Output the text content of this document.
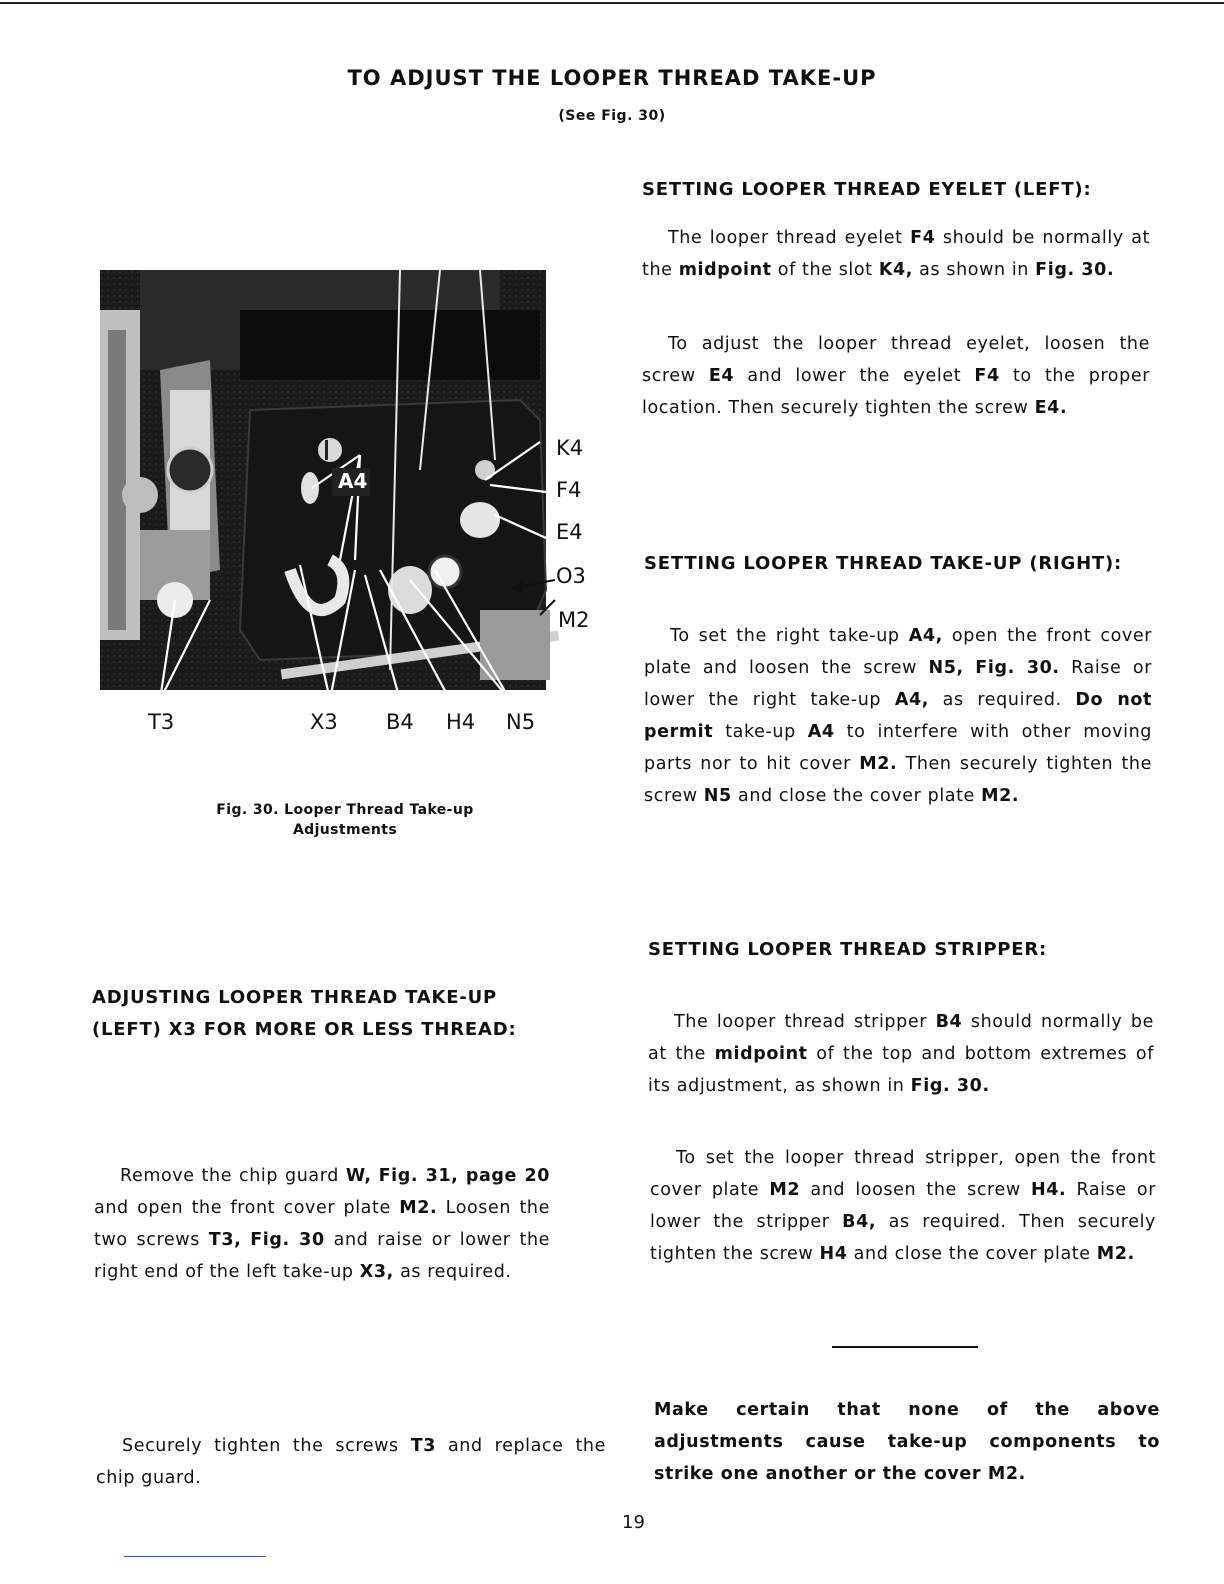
TO ADJUST THE LOOPER THREAD TAKE-UP
(See Fig. 30)
A4
K4
F4
E4
O3
M2
T3	X3 B4 H4 N5
Fig. 30. Looper Thread Take-up
Adjustments
SETTING LOOPER THREAD EYELET (LEFT):
The looper thread eyelet F4 should be normally at the midpoint of the slot K4, as shown in Fig. 30.
To adjust the looper thread eyelet, loosen the screw E4 and lower the eyelet F4 to the proper location. Then securely tighten the screw E4.
SETTING LOOPER THREAD TAKE-UP (RIGHT):
To set the right take-up A4, open the front cover plate and loosen the screw N5, Fig. 30. Raise or lower the right take-up A4, as required. Do not permit take-up A4 to interfere with other moving parts nor to hit cover M2. Then securely tighten the screw N5 and close the cover plate M2.
SETTING LOOPER THREAD STRIPPER:
The looper thread stripper B4 should normally be at the midpoint of the top and bottom extremes of its adjustment, as shown in Fig. 30.
To set the looper thread stripper, open the front cover plate M2 and loosen the screw H4. Raise or lower the stripper B4, as required. Then securely tighten the screw H4 and close the cover plate M2.
Make certain that none of the above adjustments cause take-up components to strike one another or the cover M2.
ADJUSTING LOOPER THREAD TAKE-UP
(LEFT) X3 FOR MORE OR LESS THREAD:
Remove the chip guard W, Fig. 31, page 20 and open the front cover plate M2. Loosen the two screws T3, Fig. 30 and raise or lower the right end of the left take-up X3, as required.
Securely tighten the screws T3 and replace the chip guard.
19
